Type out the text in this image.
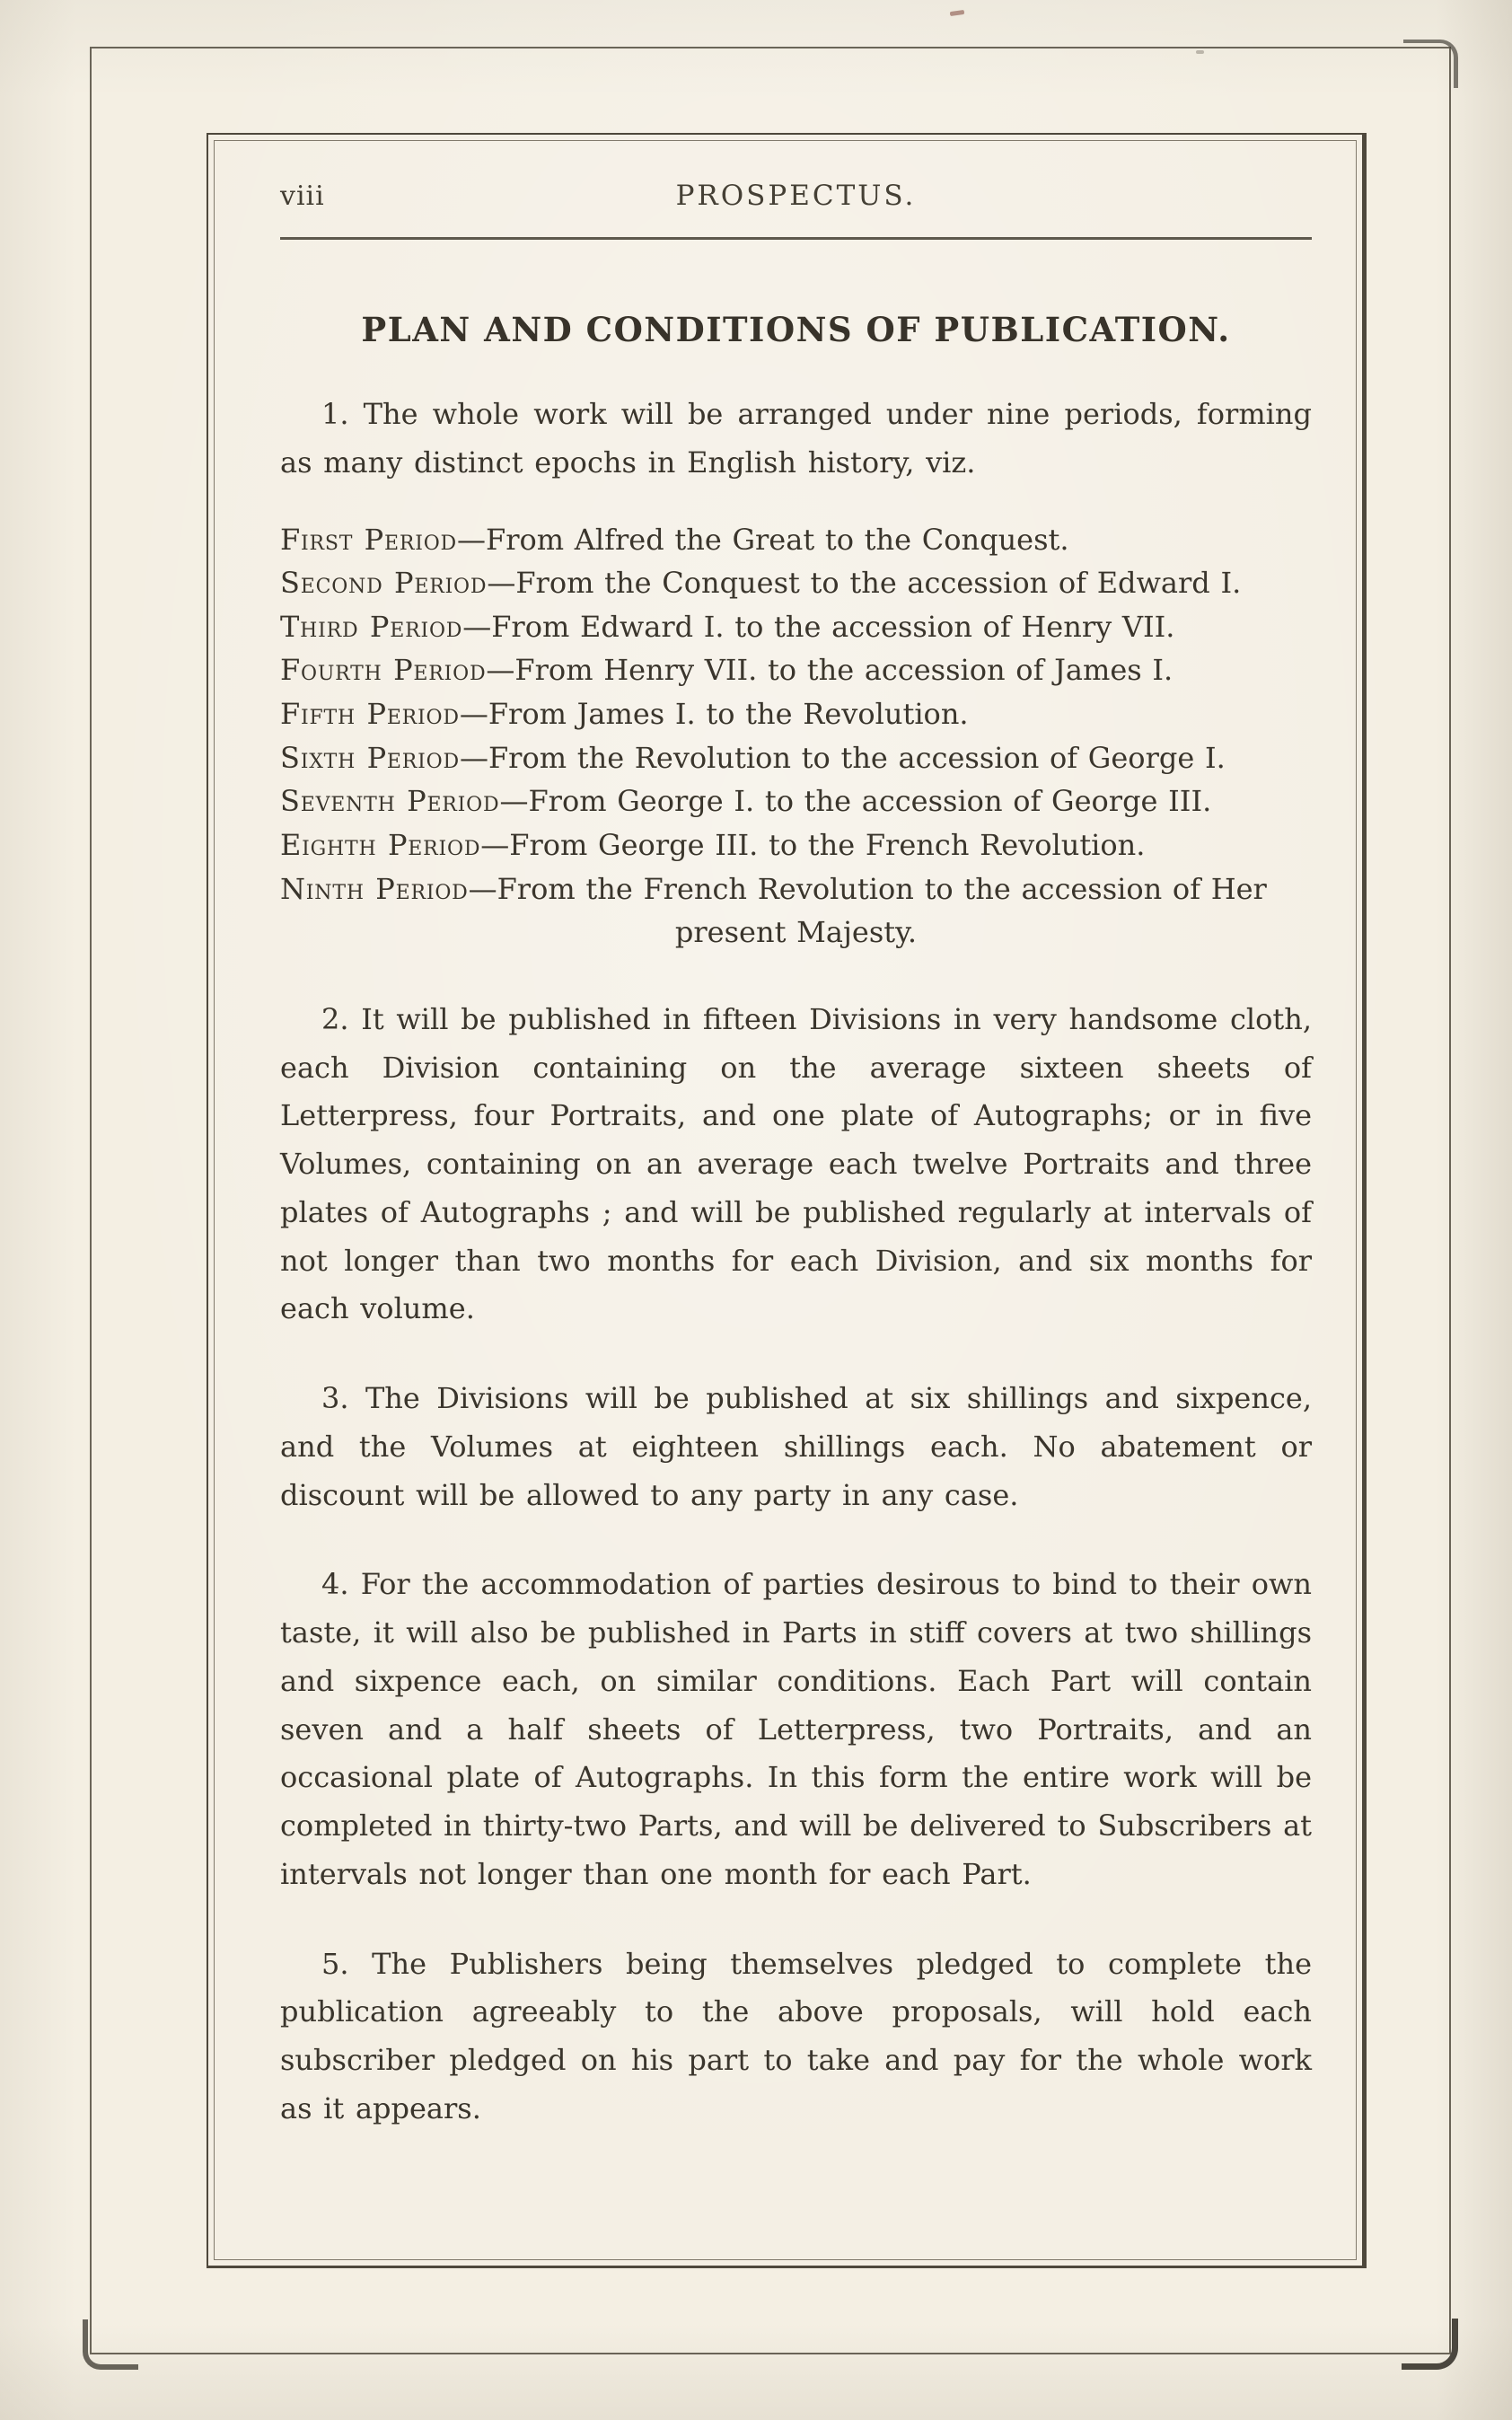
viii	PROSPECTUS.
PLAN AND CONDITIONS OF PUBLICATION.

1. The whole work will be arranged under nine periods, forming as many distinct epochs in English history, viz.

First Period—From Alfred the Great to the Conquest.
Second Period—From the Conquest to the accession of Edward I.
Third Period—From Edward I. to the accession of Henry VII.
Fourth Period—From Henry VII. to the accession of James I.
Fifth Period—From James I. to the Revolution.
Sixth Period—From the Revolution to the accession of George I.
Seventh Period—From George I. to the accession of George III.
Eighth Period—From George III. to the French Revolution.
Ninth Period—From the French Revolution to the accession of Her
present Majesty.

2. It will be published in fifteen Divisions in very handsome cloth, each Division containing on the average sixteen sheets of Letterpress, four Portraits, and one plate of Autographs; or in five Volumes, containing on an average each twelve Portraits and three plates of Autographs ; and will be published regularly at intervals of not longer than two months for each Division, and six months for each volume.

3. The Divisions will be published at six shillings and sixpence, and the Volumes at eighteen shillings each. No abatement or discount will be allowed to any party in any case.

4. For the accommodation of parties desirous to bind to their own taste, it will also be published in Parts in stiff covers at two shillings and sixpence each, on similar conditions. Each Part will contain seven and a half sheets of Letterpress, two Portraits, and an occasional plate of Autographs. In this form the entire work will be completed in thirty-two Parts, and will be delivered to Subscribers at intervals not longer than one month for each Part.

5. The Publishers being themselves pledged to complete the publication agreeably to the above proposals, will hold each subscriber pledged on his part to take and pay for the whole work as it appears.
